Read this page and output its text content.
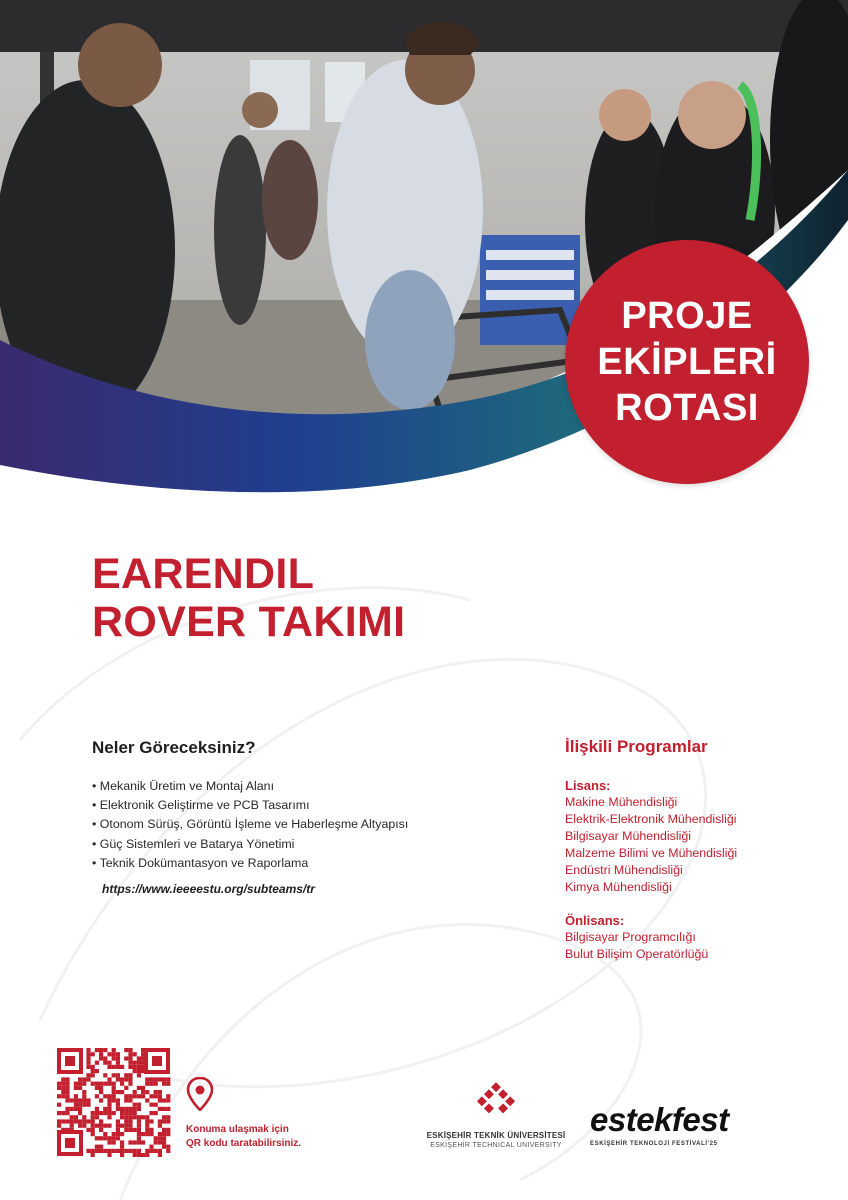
PROJE
EKİPLERİ
ROTASI
EARENDIL
ROVER TAKIMI
Neler Göreceksiniz?
• Mekanik Üretim ve Montaj Alanı
• Elektronik Geliştirme ve PCB Tasarımı
• Otonom Sürüş, Görüntü İşleme ve Haberleşme Altyapısı
• Güç Sistemleri ve Batarya Yönetimi
• Teknik Dokümantasyon ve Raporlama
https://www.ieeeestu.org/subteams/tr
İlişkili Programlar
Lisans:
Makine Mühendisliği
Elektrik-Elektronik Mühendisliği
Bilgisayar Mühendisliği
Malzeme Bilimi ve Mühendisliği
Endüstri Mühendisliği
Kimya Mühendisliği
Önlisans:
Bilgisayar Programcılığı
Bulut Bilişim Operatörlüğü
Konuma ulaşmak için
QR kodu taratabilirsiniz.
ESKİŞEHİR TEKNİK ÜNİVERSİTESİ
ESKİŞEHİR TECHNICAL UNIVERSITY
estekfest
ESKİŞEHİR TEKNOLOJİ FESTİVALİ'25
